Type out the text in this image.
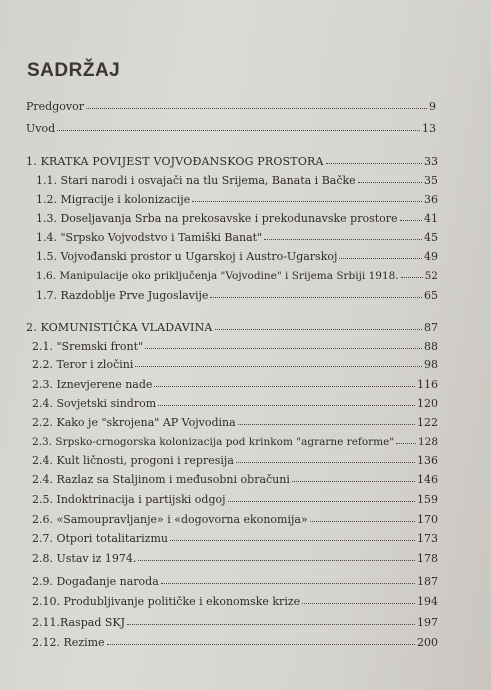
SADRŽAJ
Predgovor	9
Uvod	13
1. KRATKA POVIJEST VOJVOĐANSKOG PROSTORA	33
1.1. Stari narodi i osvajači na tlu Srijema, Banata i Bačke	35
1.2. Migracije i kolonizacije	36
1.3. Doseljavanja Srba na prekosavske i prekodunavske prostore 41
1.4. "Srpsko Vojvodstvo i Tamiški Banat"	45
1.5. Vojvođanski prostor u Ugarskoj i Austro-Ugarskoj	49
1.6. Manipulacije oko priključenja "Vojvodine" i Srijema Srbiji 1918. 52
1.7. Razdoblje Prve Jugoslavije	65
2. KOMUNISTIČKA VLADAVINA	87
2.1. "Sremski front"	88
2.2. Teror i zločini	98
2.3. Iznevjerene nade	116
2.4. Sovjetski sindrom	120
2.2. Kako je "skrojena" AP Vojvodina	122
2.3. Srpsko-crnogorska kolonizacija pod krinkom "agrarne reforme" 128
2.4. Kult ličnosti, progoni i represija	136
2.4. Razlaz sa Staljinom i međusobni obračuni	146
2.5. Indoktrinacija i partijski odgoj	159
2.6. «Samoupravljanje» i «dogovorna ekonomija»	170
2.7. Otpori totalitarizmu	173
2.8. Ustav iz 1974.	178
2.9. Događanje naroda	187
2.10. Produbljivanje političke i ekonomske krize	194
2.11.Raspad SKJ	197
2.12. Rezime	200
